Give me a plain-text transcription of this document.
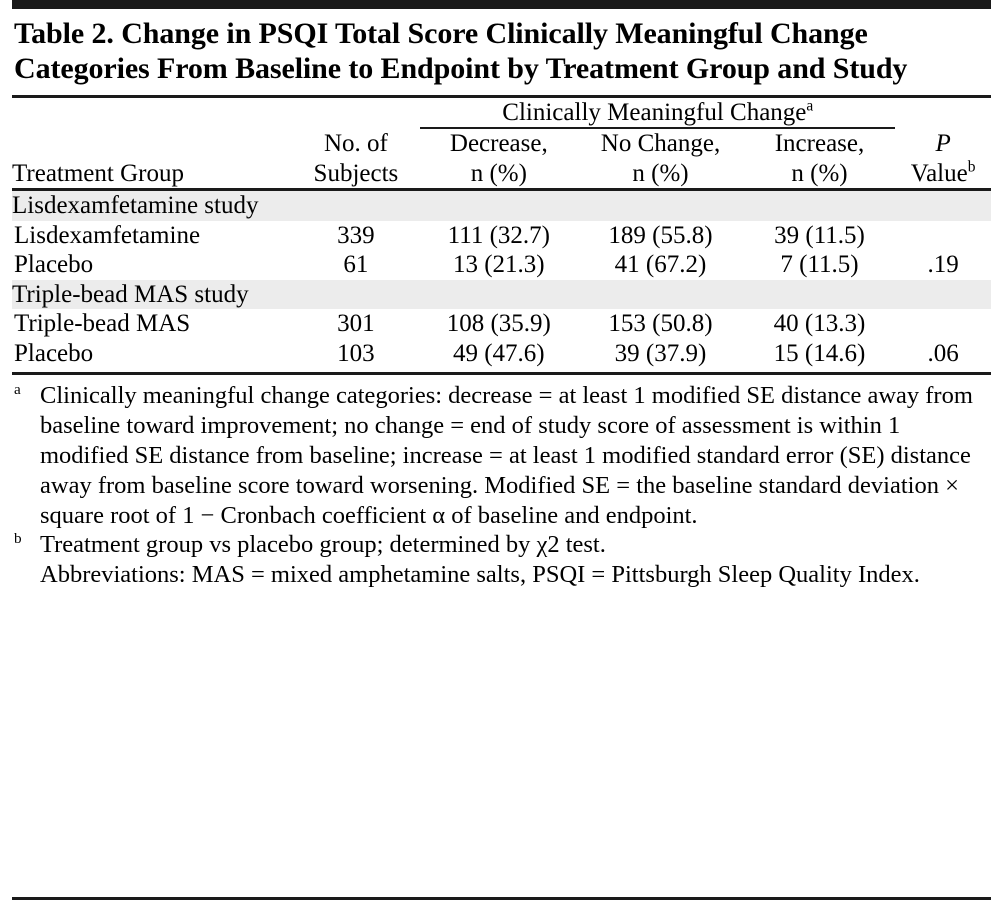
Table 2. Change in PSQI Total Score Clinically Meaningful Change Categories From Baseline to Endpoint by Treatment Group and Study
		Clinically Meaningful Change$^a$	

	No. of	Decrease,	No Change,	Increase,	P
Treatment Group	Subjects	n (%)	n (%)	n (%)	Value$^b$

Lisdexamfetamine study					
Lisdexamfetamine	339	111 (32.7)	189 (55.8)	39 (11.5)	
Placebo	61	13 (21.3)	41 (67.2)	7 (11.5)	.19
Triple-bead MAS study					
Triple-bead MAS	301	108 (35.9)	153 (50.8)	40 (13.3)	
Placebo	103	49 (47.6)	39 (37.9)	15 (14.6)	.06
$^a$ Clinically meaningful change categories: decrease = at least 1 modified SE distance away from baseline toward improvement; no change = end of study score of assessment is within 1 modified SE distance from baseline; increase = at least 1 modified standard error (SE) distance away from baseline score toward worsening. Modified SE = the baseline standard deviation × square root of 1 − Cronbach coefficient α of baseline and endpoint.
$^b$ Treatment group vs placebo group; determined by χ2 test.
Abbreviations: MAS = mixed amphetamine salts, PSQI = Pittsburgh Sleep Quality Index.
